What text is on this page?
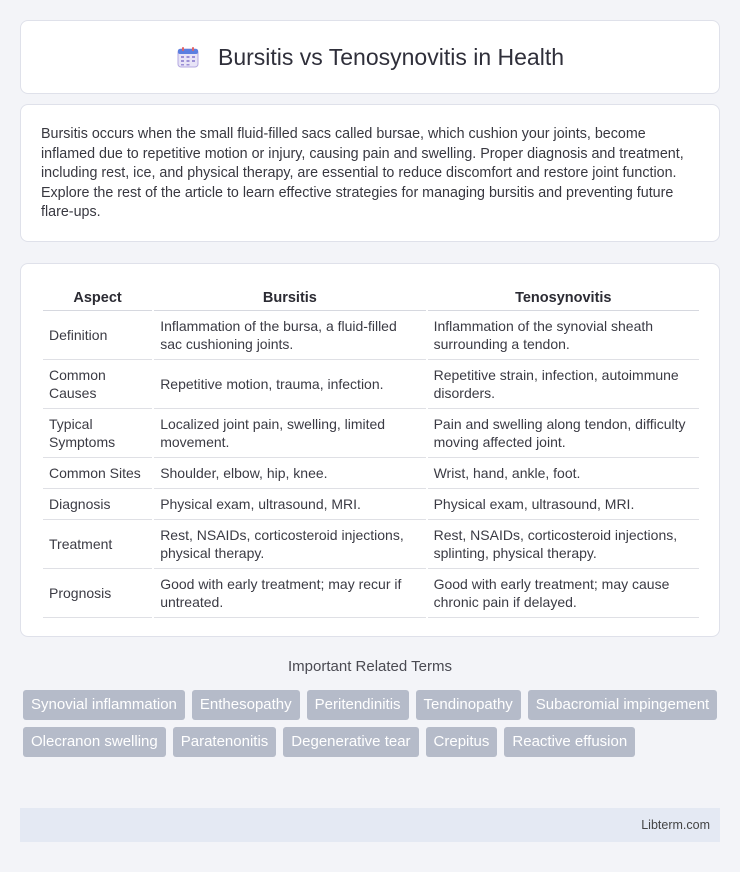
Bursitis vs Tenosynovitis in Health

Bursitis occurs when the small fluid-filled sacs called bursae, which cushion your joints, become inflamed due to repetitive motion or injury, causing pain and swelling. Proper diagnosis and treatment, including rest, ice, and physical therapy, are essential to reduce discomfort and restore joint function. Explore the rest of the article to learn effective strategies for managing bursitis and preventing future flare-ups.

Aspect		Bursitis		Tenosynovitis
Definition		Inflammation of the bursa, a fluid-filled sac cushioning joints.		Inflammation of the synovial sheath surrounding a tendon.
Common Causes		Repetitive motion, trauma, infection.		Repetitive strain, infection, autoimmune disorders.
Typical Symptoms		Localized joint pain, swelling, limited movement.		Pain and swelling along tendon, difficulty moving affected joint.
Common Sites		Shoulder, elbow, hip, knee.		Wrist, hand, ankle, foot.
Diagnosis		Physical exam, ultrasound, MRI.		Physical exam, ultrasound, MRI.
Treatment		Rest, NSAIDs, corticosteroid injections, physical therapy.		Rest, NSAIDs, corticosteroid injections, splinting, physical therapy.
Prognosis		Good with early treatment; may recur if untreated.		Good with early treatment; may cause chronic pain if delayed.
Important Related Terms
Synovial inflammation	Enthesopathy	Peritendinitis	Tendinopathy	Subacromial impingement
Olecranon swelling	Paratenonitis	Degenerative tear	Crepitus	Reactive effusion
Libterm.com
